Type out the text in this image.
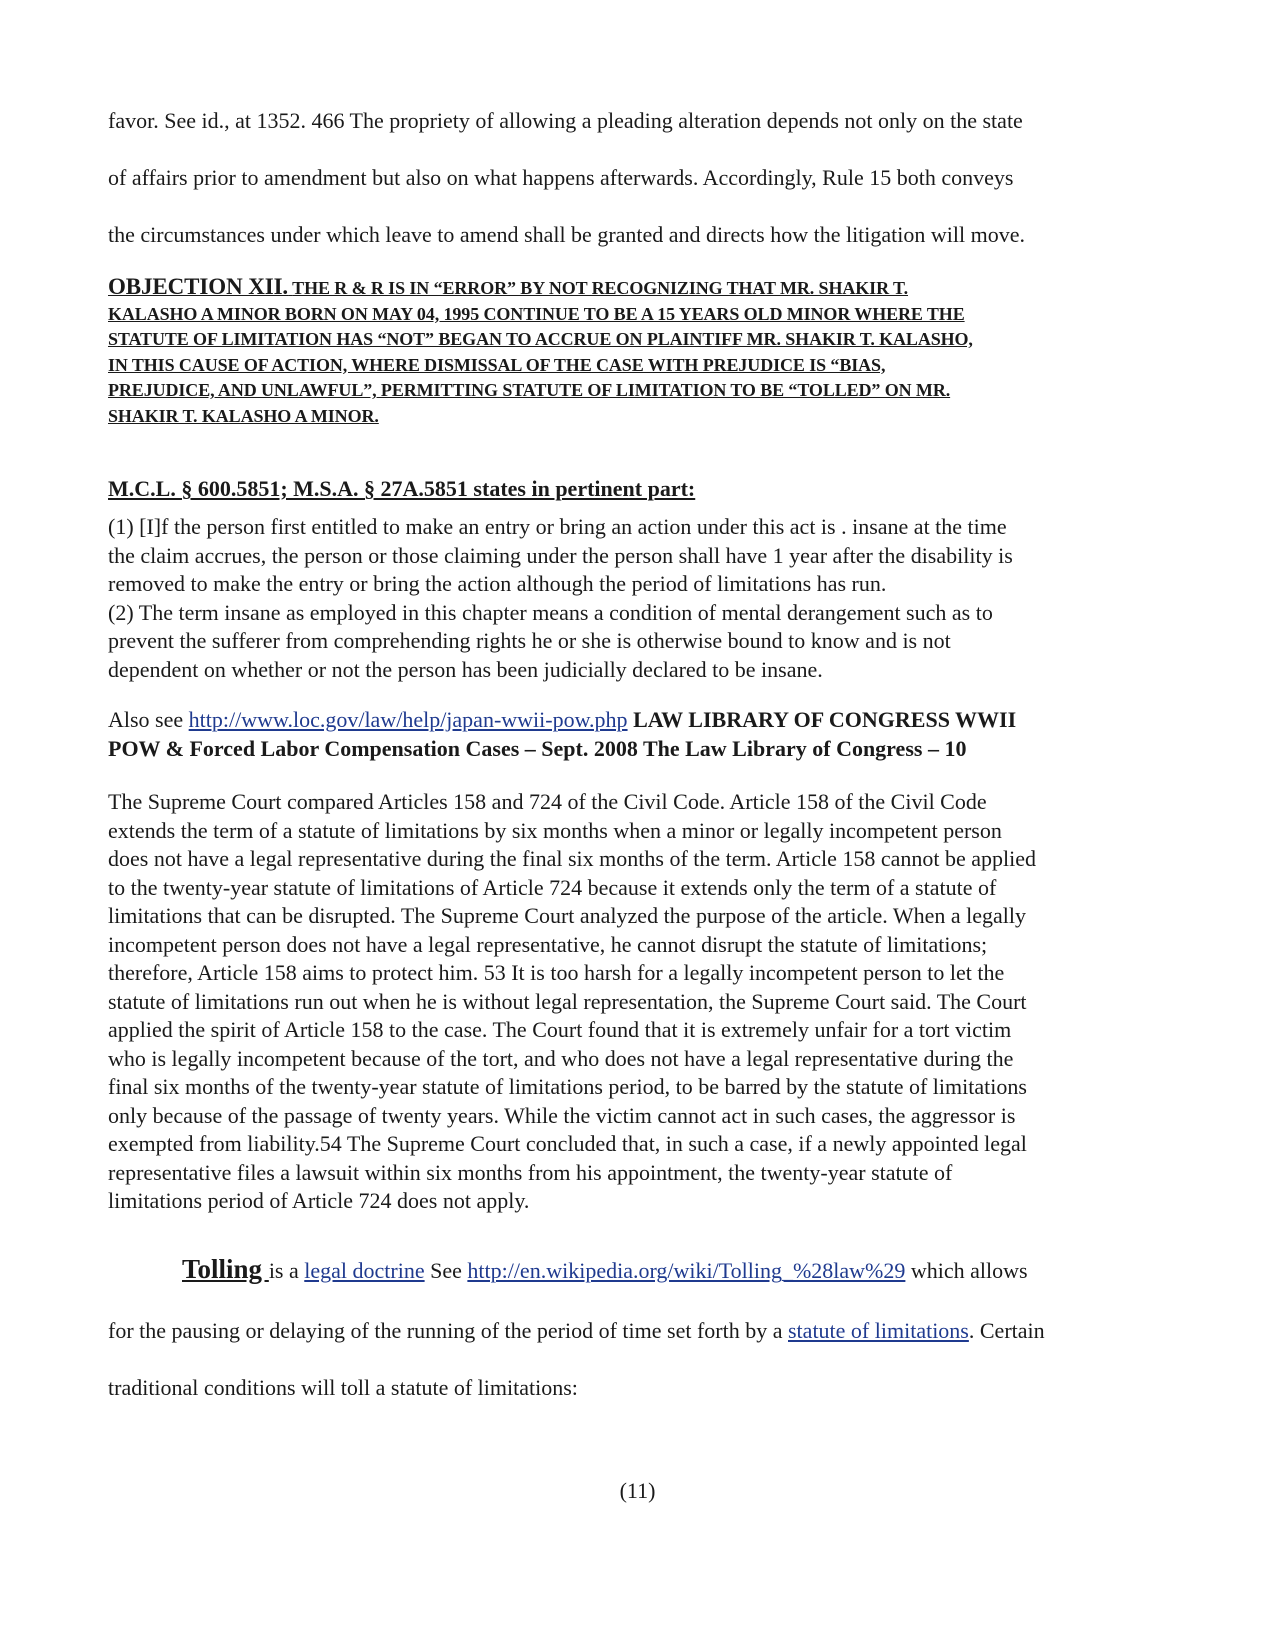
favor. See id., at 1352. 466 The propriety of allowing a pleading alteration depends not only on the state

of affairs prior to amendment but also on what happens afterwards. Accordingly, Rule 15 both conveys

the circumstances under which leave to amend shall be granted and directs how the litigation will move.

OBJECTION XII. THE R & R IS IN “ERROR” BY NOT RECOGNIZING THAT MR. SHAKIR T.

KALASHO A MINOR BORN ON MAY 04, 1995 CONTINUE TO BE A 15 YEARS OLD MINOR WHERE THE

STATUTE OF LIMITATION HAS “NOT” BEGAN TO ACCRUE ON PLAINTIFF MR. SHAKIR T. KALASHO,

IN THIS CAUSE OF ACTION, WHERE DISMISSAL OF THE CASE WITH PREJUDICE IS “BIAS,

PREJUDICE, AND UNLAWFUL”, PERMITTING STATUTE OF LIMITATION TO BE “TOLLED” ON MR.

SHAKIR T. KALASHO A MINOR.

M.C.L. § 600.5851; M.S.A. § 27A.5851 states in pertinent part:

(1) [I]f the person first entitled to make an entry or bring an action under this act is . insane at the time

the claim accrues, the person or those claiming under the person shall have 1 year after the disability is

removed to make the entry or bring the action although the period of limitations has run.

(2) The term insane as employed in this chapter means a condition of mental derangement such as to

prevent the sufferer from comprehending rights he or she is otherwise bound to know and is not

dependent on whether or not the person has been judicially declared to be insane.

Also see http://www.loc.gov/law/help/japan-wwii-pow.php LAW LIBRARY OF CONGRESS WWII

POW & Forced Labor Compensation Cases – Sept. 2008 The Law Library of Congress – 10

The Supreme Court compared Articles 158 and 724 of the Civil Code. Article 158 of the Civil Code

extends the term of a statute of limitations by six months when a minor or legally incompetent person

does not have a legal representative during the final six months of the term. Article 158 cannot be applied

to the twenty-year statute of limitations of Article 724 because it extends only the term of a statute of

limitations that can be disrupted. The Supreme Court analyzed the purpose of the article. When a legally

incompetent person does not have a legal representative, he cannot disrupt the statute of limitations;

therefore, Article 158 aims to protect him. 53 It is too harsh for a legally incompetent person to let the

statute of limitations run out when he is without legal representation, the Supreme Court said. The Court

applied the spirit of Article 158 to the case. The Court found that it is extremely unfair for a tort victim

who is legally incompetent because of the tort, and who does not have a legal representative during the

final six months of the twenty-year statute of limitations period, to be barred by the statute of limitations

only because of the passage of twenty years. While the victim cannot act in such cases, the aggressor is

exempted from liability.54 The Supreme Court concluded that, in such a case, if a newly appointed legal

representative files a lawsuit within six months from his appointment, the twenty-year statute of

limitations period of Article 724 does not apply.

Tolling is a legal doctrine See http://en.wikipedia.org/wiki/Tolling_%28law%29 which allows

for the pausing or delaying of the running of the period of time set forth by a statute of limitations. Certain

traditional conditions will toll a statute of limitations:

(11)
